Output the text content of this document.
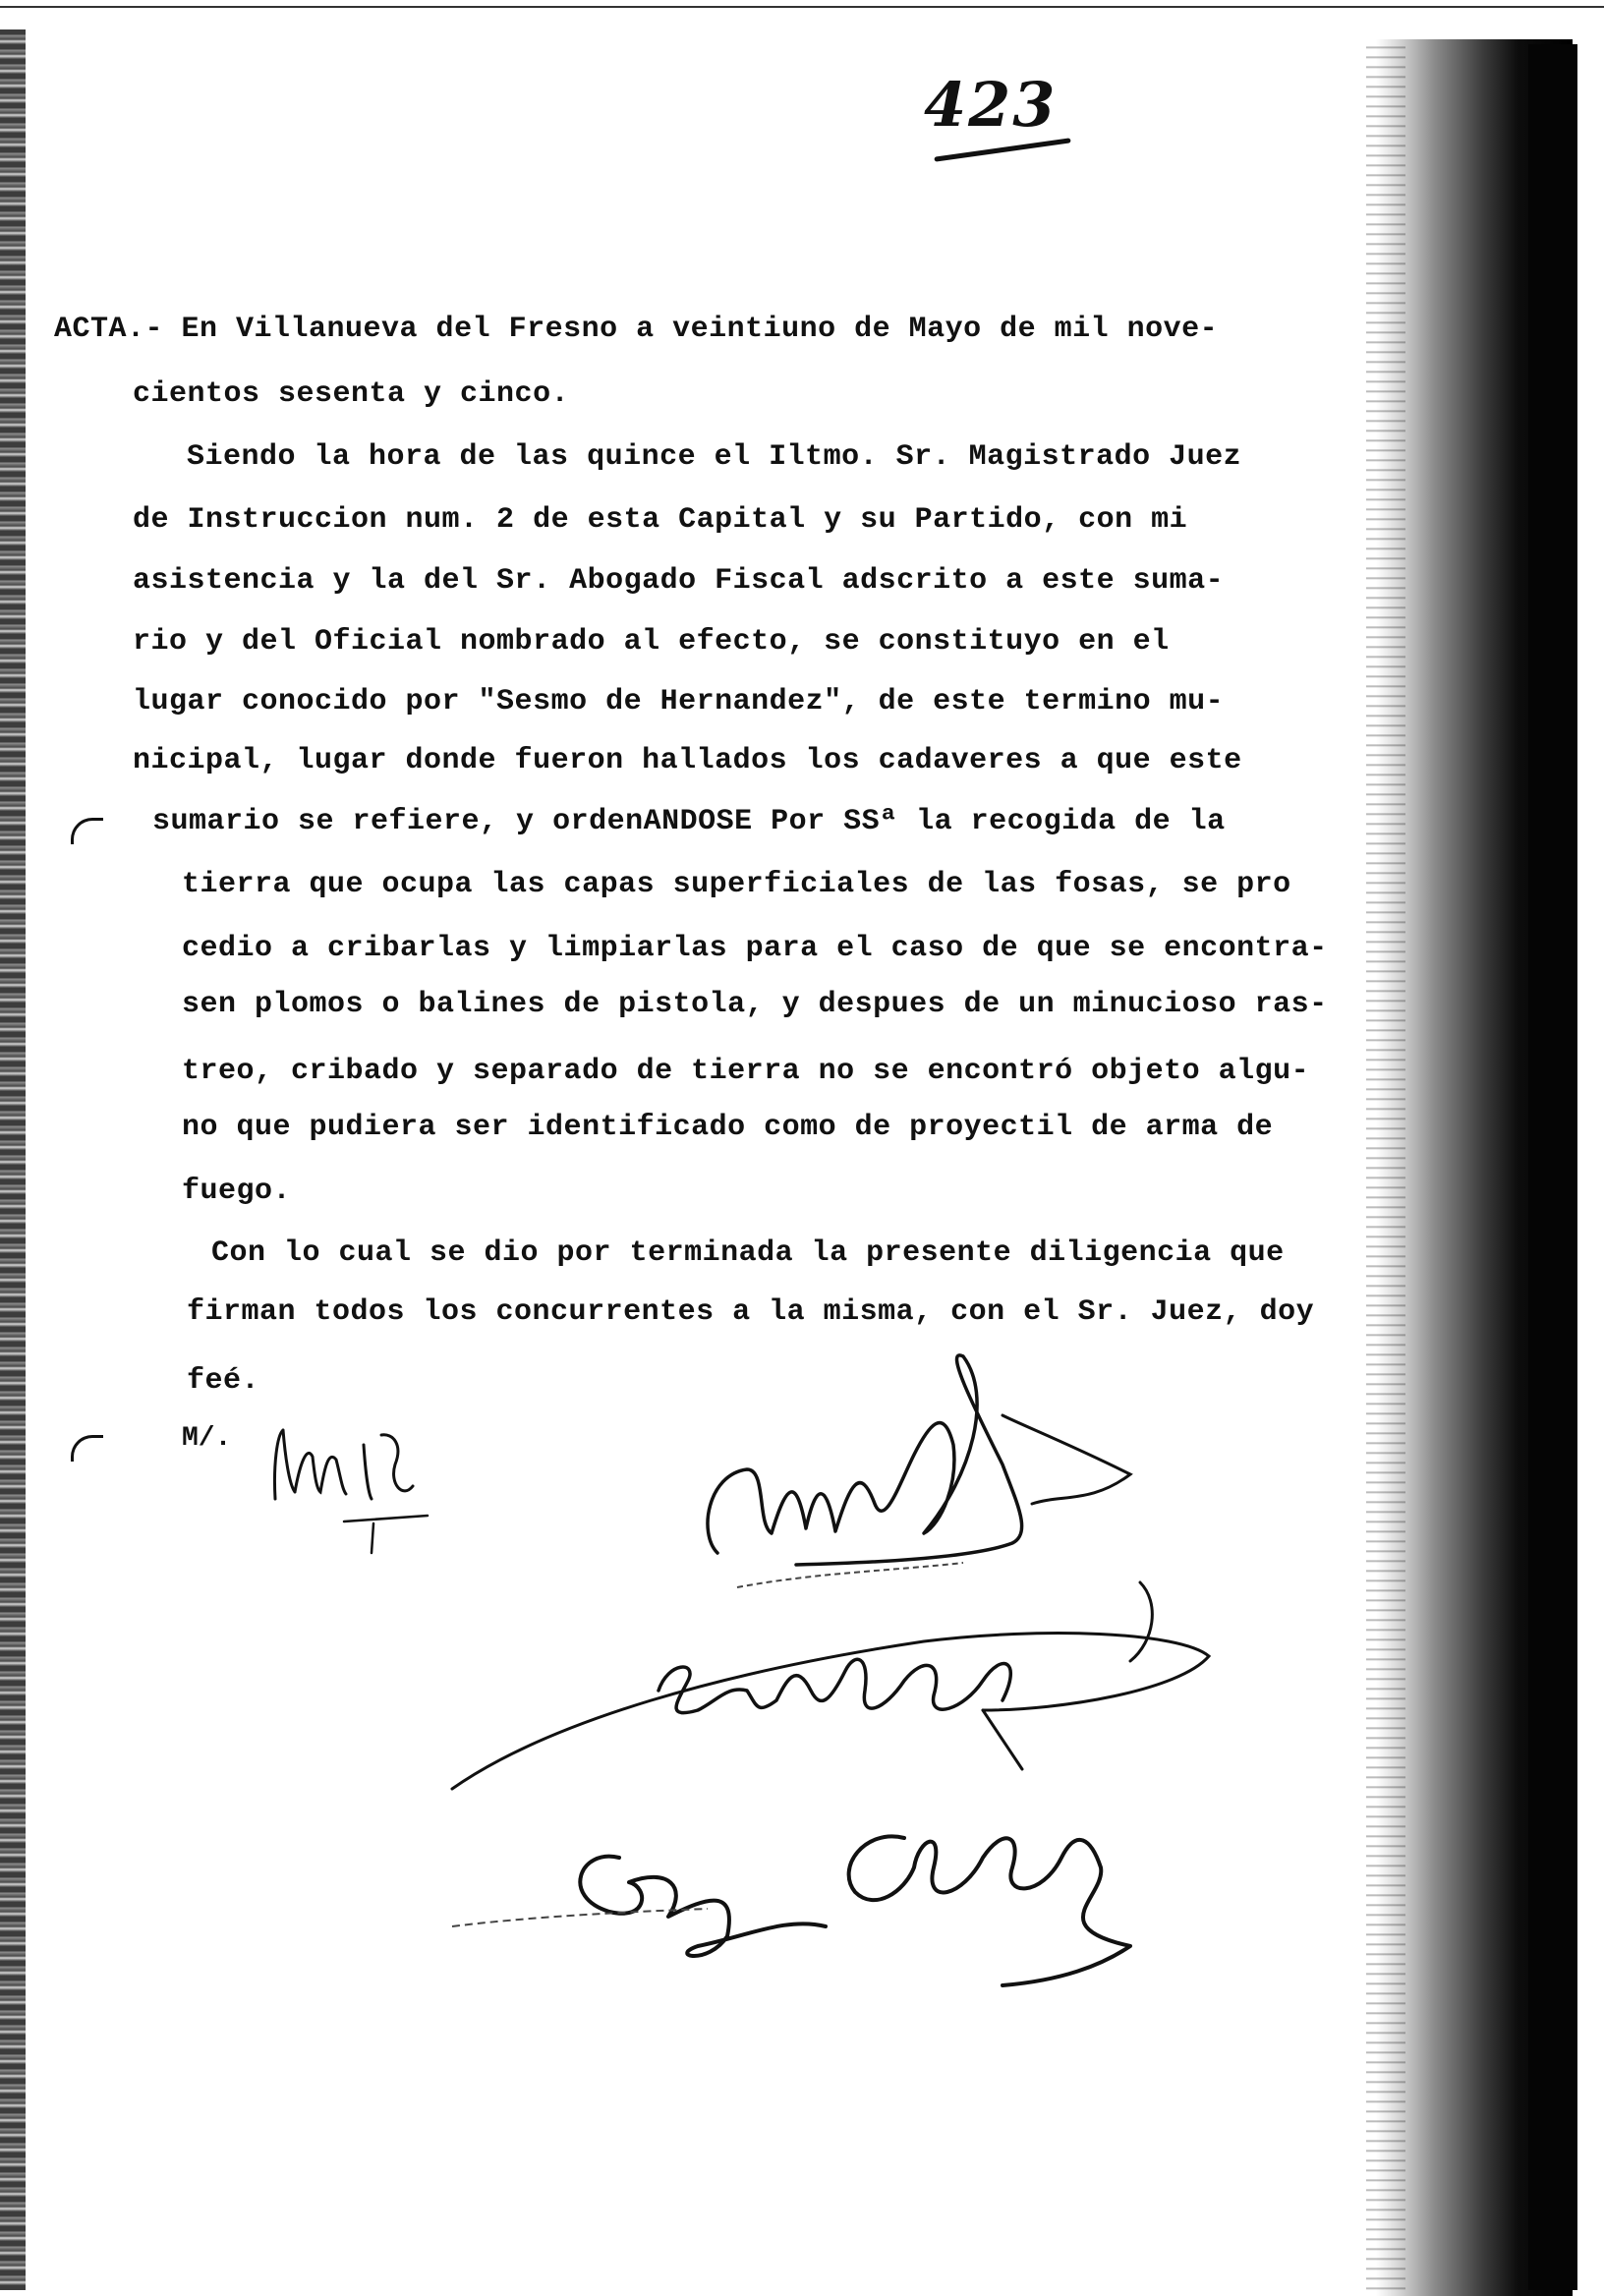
423
ACTA.- En Villanueva del Fresno a veintiuno de Mayo de mil nove-
cientos sesenta y cinco.
Siendo la hora de las quince el Iltmo. Sr. Magistrado Juez
de Instruccion num. 2 de esta Capital y su Partido, con mi
asistencia y la del Sr. Abogado Fiscal adscrito a este suma-
rio y del Oficial nombrado al efecto, se constituyo en el
lugar conocido por "Sesmo de Hernandez", de este termino mu-
nicipal, lugar donde fueron hallados los cadaveres a que este
sumario se refiere, y ordenANDOSE Por SSª la recogida de la
tierra que ocupa las capas superficiales de las fosas, se pro
cedio a cribarlas y limpiarlas para el caso de que se encontra-
sen plomos o balines de pistola, y despues de un minucioso ras-
treo, cribado y separado de tierra no se encontró objeto algu-
no que pudiera ser identificado como de proyectil de arma de
fuego.
Con lo cual se dio por terminada la presente diligencia que
firman todos los concurrentes a la misma, con el Sr. Juez, doy
feé.
M/.
